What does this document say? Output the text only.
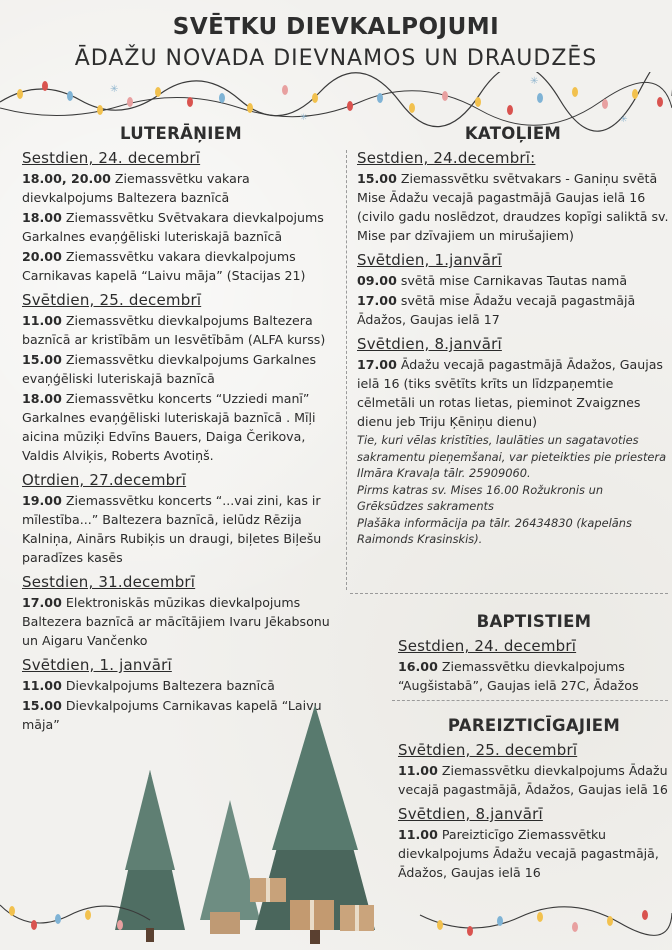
SVĒTKU DIEVKALPOJUMI
ĀDAŽU NOVADA DIEVNAMOS UN DRAUDZĒS
✳
✳
✳
✳
LUTERĀŅIEM
Sestdien, 24. decembrī
18.00, 20.00 Ziemassvētku vakara dievkalpojums Baltezera baznīcā
18.00 Ziemassvētku Svētvakara dievkalpojums Garkalnes evaņģēliski luteriskajā baznīcā
20.00 Ziemassvētku vakara dievkalpojums Carnikavas kapelā “Laivu māja” (Stacijas 21)
Svētdien, 25. decembrī
11.00 Ziemassvētku dievkalpojums Baltezera baznīcā ar kristībām un Iesvētībām (ALFA kurss)
15.00 Ziemassvētku dievkalpojums Garkalnes evaņģēliski luteriskajā baznīcā
18.00 Ziemassvētku koncerts “Uzziedi manī” Garkalnes evaņģēliski luteriskajā baznīcā . Mīļi aicina mūziķi Edvīns Bauers, Daiga Čerikova, Valdis Alviķis, Roberts Avotiņš.
Otrdien, 27.decembrī
19.00 Ziemassvētku koncerts “...vai zini, kas ir mīlestība...” Baltezera baznīcā, ielūdz Rēzija Kalniņa, Ainārs Rubiķis un draugi, biļetes Biļešu paradīzes kasēs
Sestdien, 31.decembrī
17.00 Elektroniskās mūzikas dievkalpojums Baltezera baznīcā ar mācītājiem Ivaru Jēkabsonu un Aigaru Vančenko
Svētdien, 1. janvārī
11.00 Dievkalpojums Baltezera baznīcā
15.00 Dievkalpojums Carnikavas kapelā “Laivu māja”
KATOĻIEM
Sestdien, 24.decembrī:
15.00 Ziemassvētku svētvakars - Ganiņu svētā Mise Ādažu vecajā pagastmājā Gaujas ielā 16 (civilo gadu noslēdzot, draudzes kopīgi saliktā sv. Mise par dzīvajiem un mirušajiem)
Svētdien, 1.janvārī
09.00 svētā mise Carnikavas Tautas namā
17.00 svētā mise Ādažu vecajā pagastmājā Ādažos, Gaujas ielā 17
Svētdien, 8.janvārī
17.00 Ādažu vecajā pagastmājā Ādažos, Gaujas ielā 16 (tiks svētīts krīts un līdzpaņemtie cēlmetāli un rotas lietas, pieminot Zvaigznes dienu jeb Triju Ķēniņu dienu)
Tie, kuri vēlas kristīties, laulāties un sagatavoties sakramentu pieņemšanai, var pieteikties pie priestera Ilmāra Kravaļa tālr. 25909060.
Pirms katras sv. Mises 16.00 Rožukronis un Grēksūdzes sakraments
Plašāka informācija pa tālr. 26434830 (kapelāns Raimonds Krasinskis).
BAPTISTIEM
Sestdien, 24. decembrī
16.00 Ziemassvētku dievkalpojums “Augšistabā”, Gaujas ielā 27C, Ādažos
PAREIZTICĪGAJIEM
Svētdien, 25. decembrī
11.00 Ziemassvētku dievkalpojums Ādažu vecajā pagastmājā, Ādažos, Gaujas ielā 16
Svētdien, 8.janvārī
11.00 Pareizticīgo Ziemassvētku dievkalpojums Ādažu vecajā pagastmājā, Ādažos, Gaujas ielā 16
